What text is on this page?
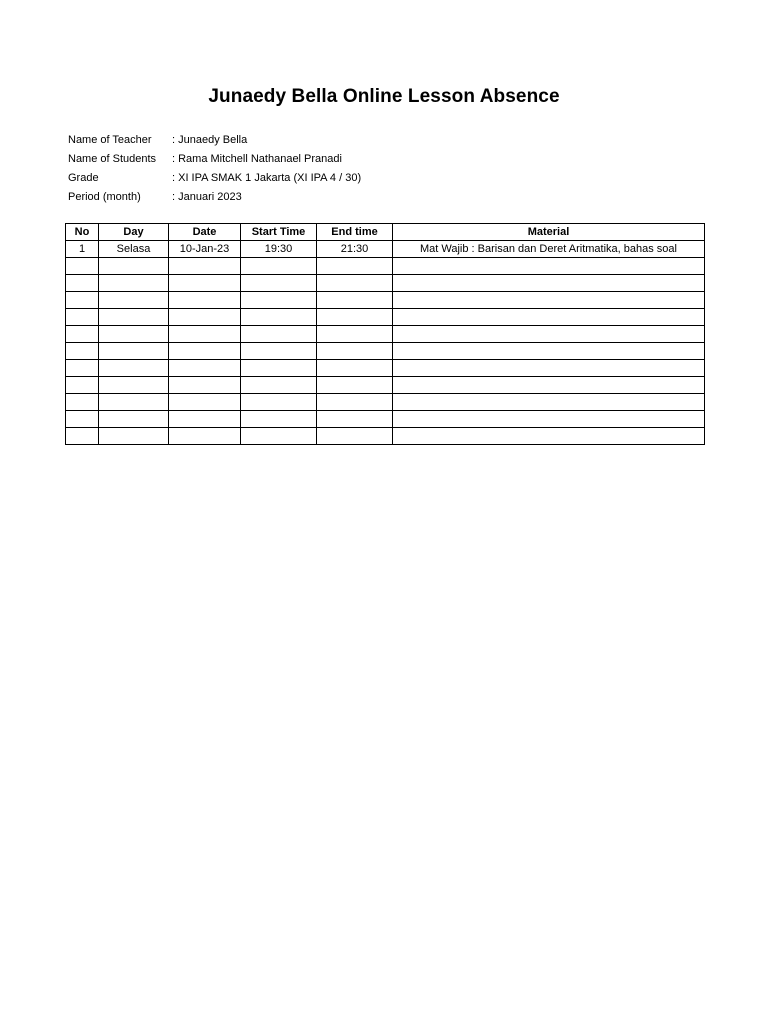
Junaedy Bella Online Lesson Absence
Name of Teacher	: Junaedy Bella
Name of Students	: Rama Mitchell Nathanael Pranadi
Grade	: XI IPA SMAK 1 Jakarta (XI IPA 4 / 30)
Period (month)	: Januari 2023
No	Day	Date	Start Time	End time	Material
1	Selasa	10-Jan-23	19:30	21:30	Mat Wajib : Barisan dan Deret Aritmatika, bahas soal
